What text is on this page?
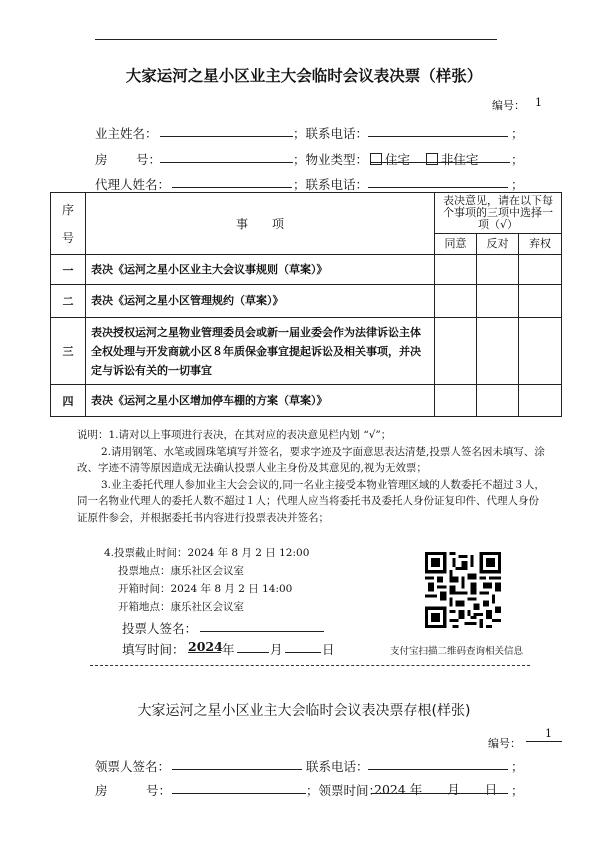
大家运河之星小区业主大会临时会议表决票（样张）
编号： 1
业主姓名：	；联系电话：	；
房 号：	；物业类型：	住宅 非住宅	；
代理人姓名：	；联系电话：	；
序
号	事　　项	表决意见，请在以下每个事项的三项中选择一项（√）		
		同意	反对	弃权
一	表决《运河之星小区业主大会议事规则（草案）》			
二	表决《运河之星小区管理规约（草案）》			
三	表决授权运河之星物业管理委员会或新一届业委会作为法律诉讼主体全权处理与开发商就小区８年质保金事宜提起诉讼及相关事项，并决定与诉讼有关的一切事宜			
四	表决《运河之星小区增加停车棚的方案（草案）》			

说明：1.请对以上事项进行表决，在其对应的表决意见栏内划 “√”；

2.请用钢笔、水笔或圆珠笔填写并签名，要求字迹及字面意思表达清楚,投票人签名因未填写、涂改、字迹不清等原因造成无法确认投票人业主身份及其意见的,视为无效票；

3.业主委托代理人参加业主大会会议的,同一名业主接受本物业管理区域的人数委托不超过３人，同一名物业代理人的委托人数不超过１人；代理人应当将委托书及委托人身份证复印件、代理人身份证原件参会，并根据委托书内容进行投票表决并签名；

4.投票截止时间：2024 年 8 月 2 日 12:00
投票地点：康乐社区会议室
开箱时间：2024 年 8 月 2 日 14:00
开箱地点：康乐社区会议室
投票人签名：
填写时间： 2024 年	月	日	支付宝扫描二维码查询相关信息
大家运河之星小区业主大会临时会议表决票存根(样张)
编号：
1
领票人签名：	联系电话：	；
房	号：	；领票时间：
2024 年　　月　　日 ；
